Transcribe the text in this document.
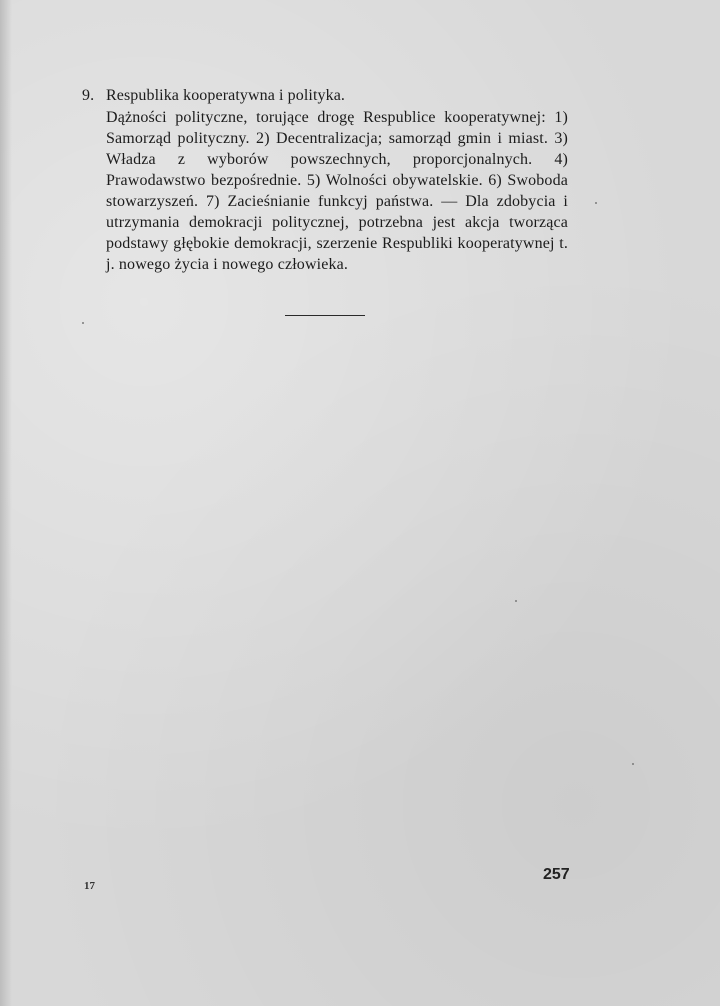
9. Respublika kooperatywna i polityka.
Dążności polityczne, torujące drogę Respublice kooperatywnej: 1) Samorząd polityczny. 2) Decentralizacja; samorząd gmin i miast. 3) Władza z wyborów powszechnych, proporcjonalnych. 4) Prawodawstwo bezpośrednie. 5) Wolności obywatelskie. 6) Swoboda stowarzyszeń. 7) Zacieśnianie funkcyj państwa. — Dla zdobycia i utrzymania demokracji politycznej, potrzebna jest akcja tworząca podstawy głębokie demokracji, szerzenie Respubliki kooperatywnej t. j. nowego życia i nowego człowieka.
17
257
